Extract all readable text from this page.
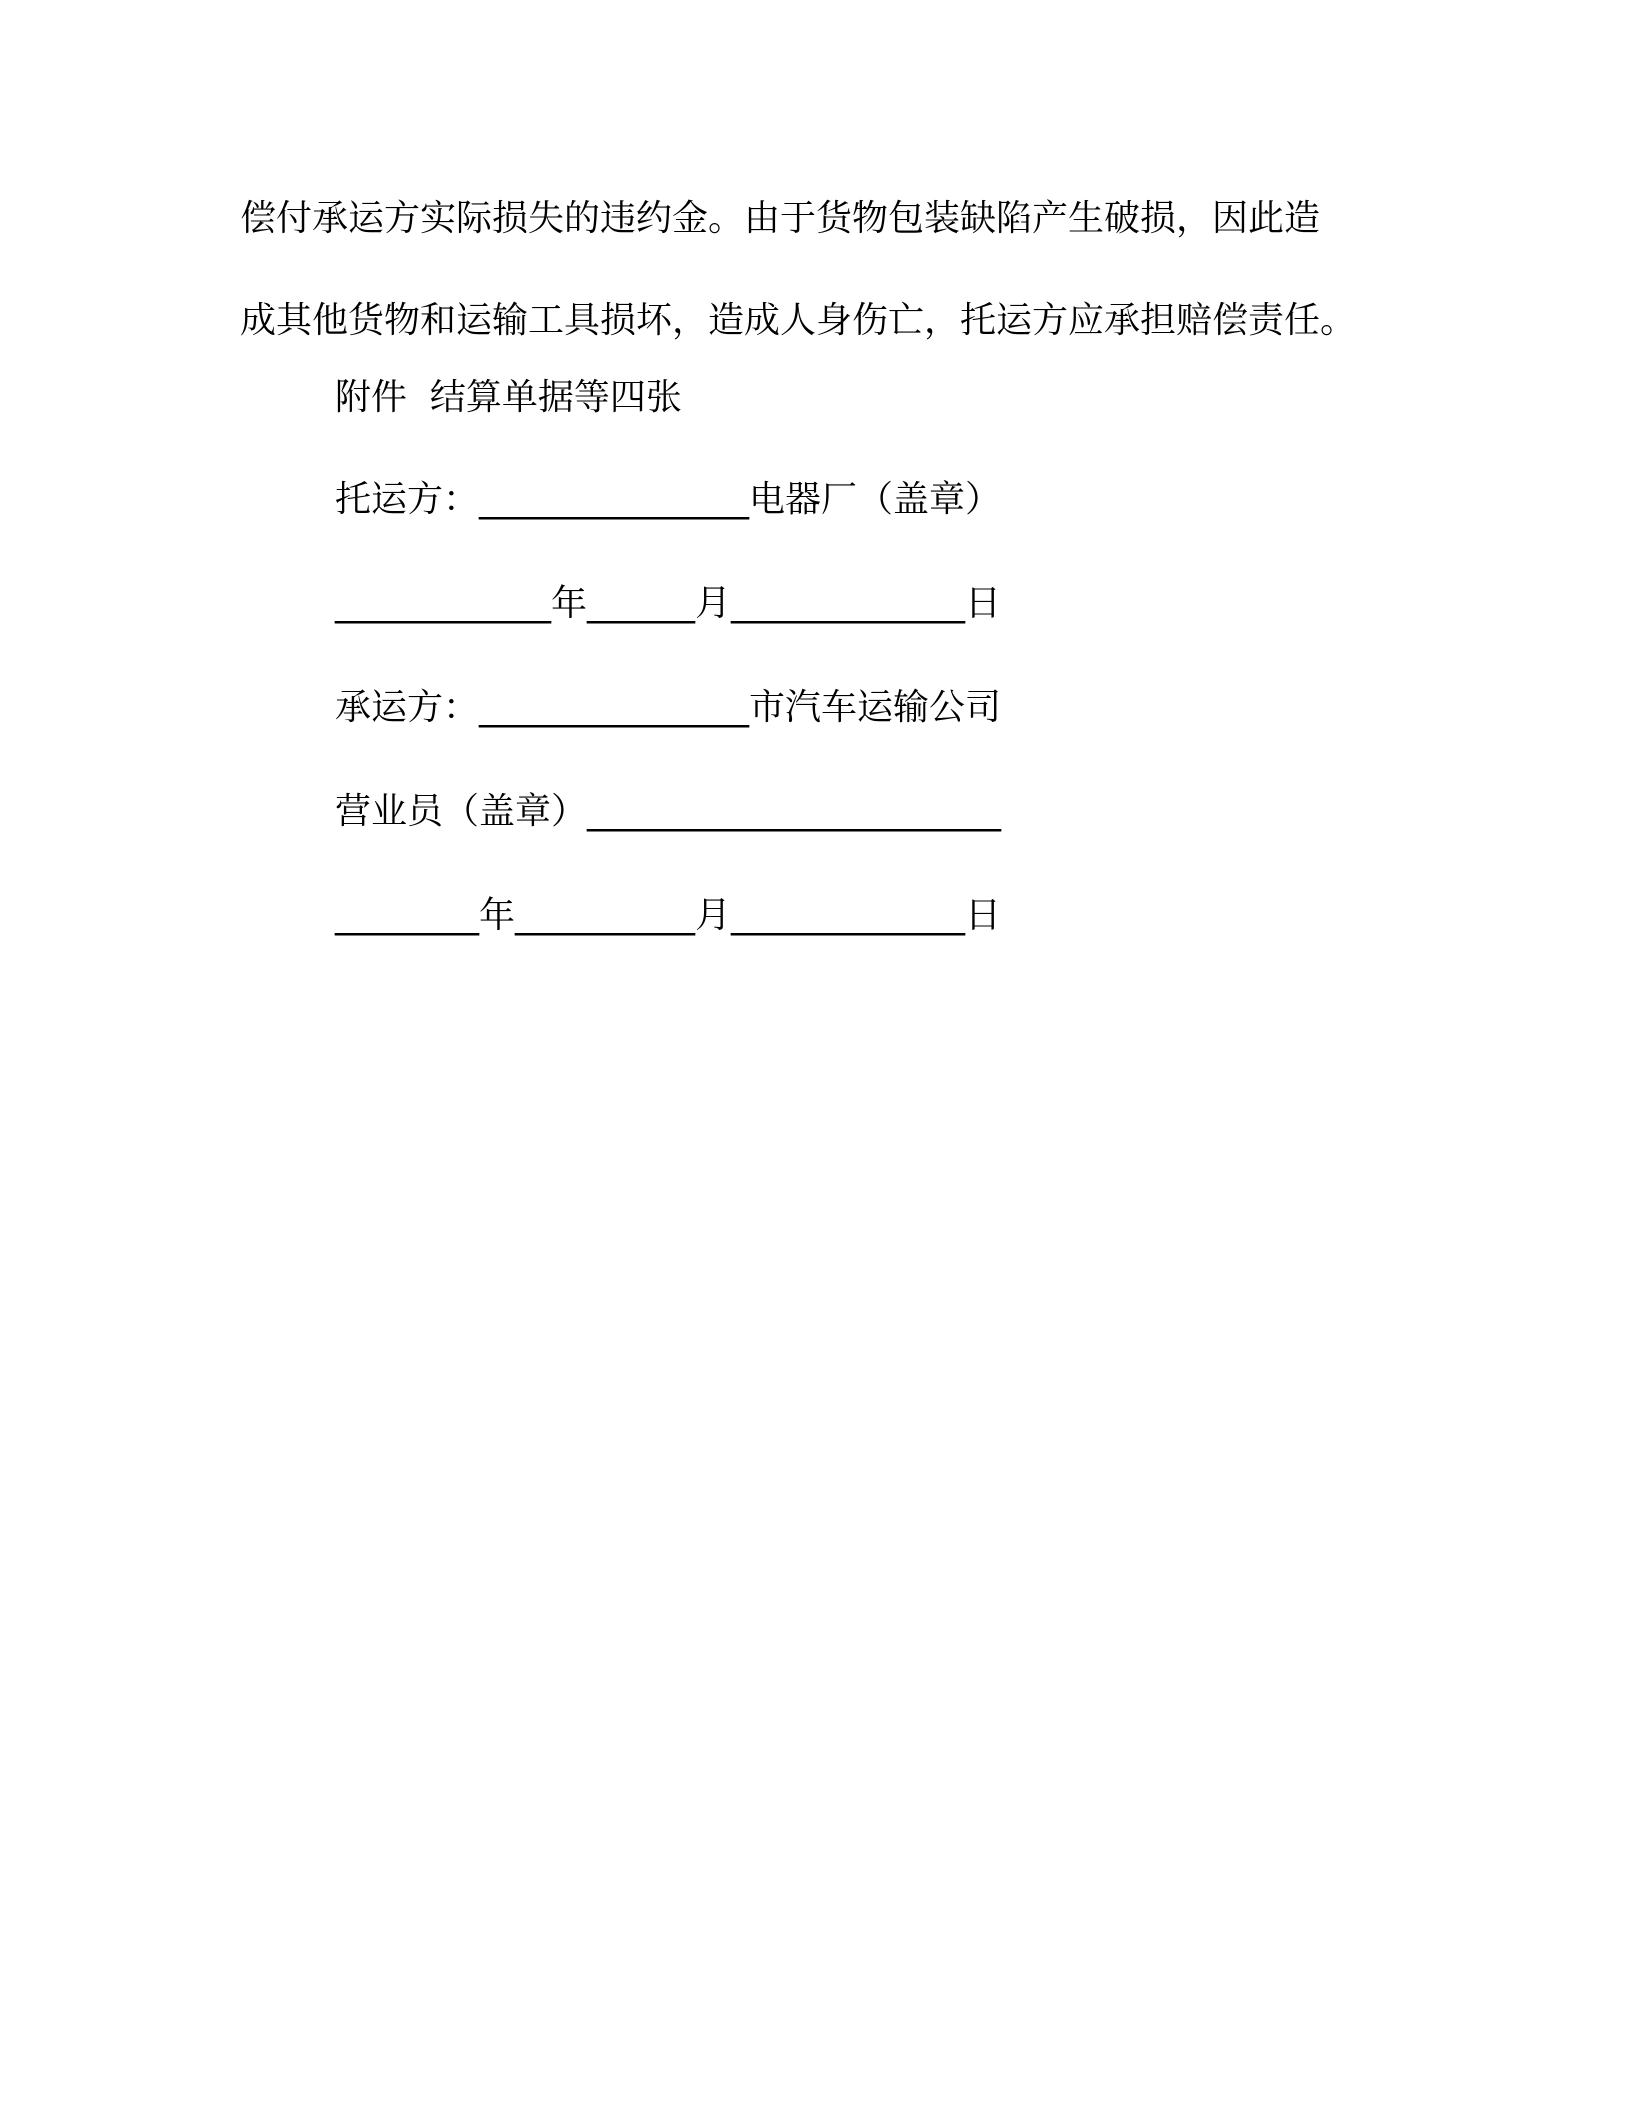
偿付承运方实际损失的违约金。由于货物包装缺陷产生破损，因此造
成其他货物和运输工具损坏，造成人身伤亡，托运方应承担赔偿责任。
附件  结算单据等四张
托运方：_______________电器厂（盖章）
____________年______月_____________日
承运方：_______________市汽车运输公司
营业员（盖章）_______________________
________年__________月_____________日
